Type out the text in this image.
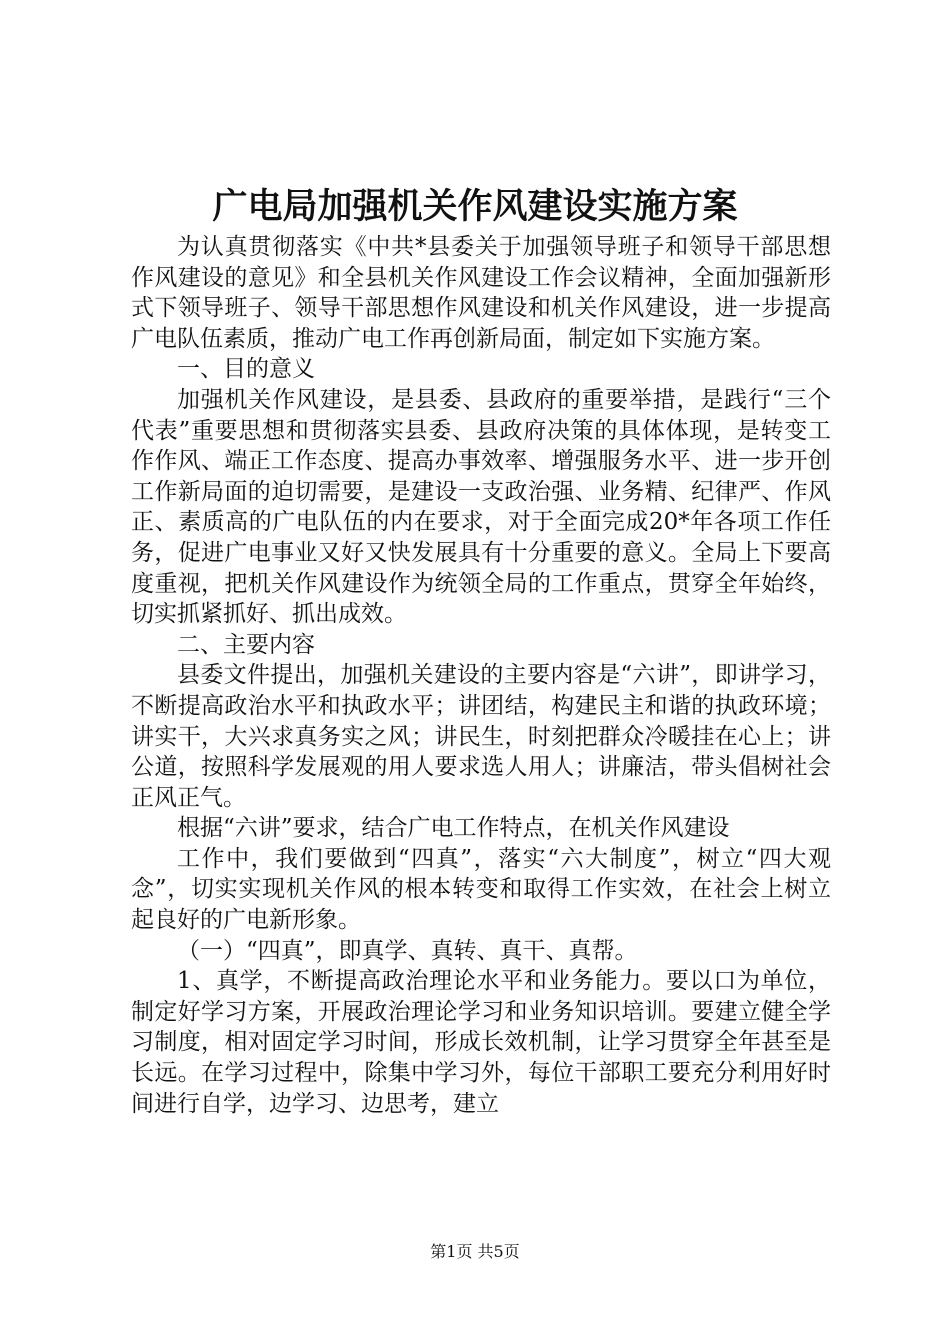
广电局加强机关作风建设实施方案

为认真贯彻落实《中共*县委关于加强领导班子和领导干部思想作风建设的意见》和全县机关作风建设工作会议精神，全面加强新形式下领导班子、领导干部思想作风建设和机关作风建设，进一步提高广电队伍素质，推动广电工作再创新局面，制定如下实施方案。

一、目的意义

加强机关作风建设，是县委、县政府的重要举措，是践行“三个代表”重要思想和贯彻落实县委、县政府决策的具体体现，是转变工作作风、端正工作态度、提高办事效率、增强服务水平、进一步开创工作新局面的迫切需要，是建设一支政治强、业务精、纪律严、作风正、素质高的广电队伍的内在要求，对于全面完成20*年各项工作任务，促进广电事业又好又快发展具有十分重要的意义。全局上下要高度重视，把机关作风建设作为统领全局的工作重点，贯穿全年始终，切实抓紧抓好、抓出成效。

二、主要内容

县委文件提出，加强机关建设的主要内容是“六讲”，即讲学习，不断提高政治水平和执政水平；讲团结，构建民主和谐的执政环境；讲实干，大兴求真务实之风；讲民生，时刻把群众冷暖挂在心上；讲公道，按照科学发展观的用人要求选人用人；讲廉洁，带头倡树社会正风正气。

根据“六讲”要求，结合广电工作特点，在机关作风建设

工作中，我们要做到“四真”，落实“六大制度”，树立“四大观念”，切实实现机关作风的根本转变和取得工作实效，在社会上树立起良好的广电新形象。

（一）“四真”，即真学、真转、真干、真帮。

1、真学，不断提高政治理论水平和业务能力。要以口为单位，制定好学习方案，开展政治理论学习和业务知识培训。要建立健全学习制度，相对固定学习时间，形成长效机制，让学习贯穿全年甚至是长远。在学习过程中，除集中学习外，每位干部职工要充分利用好时间进行自学，边学习、边思考，建立

第1页 共5页
